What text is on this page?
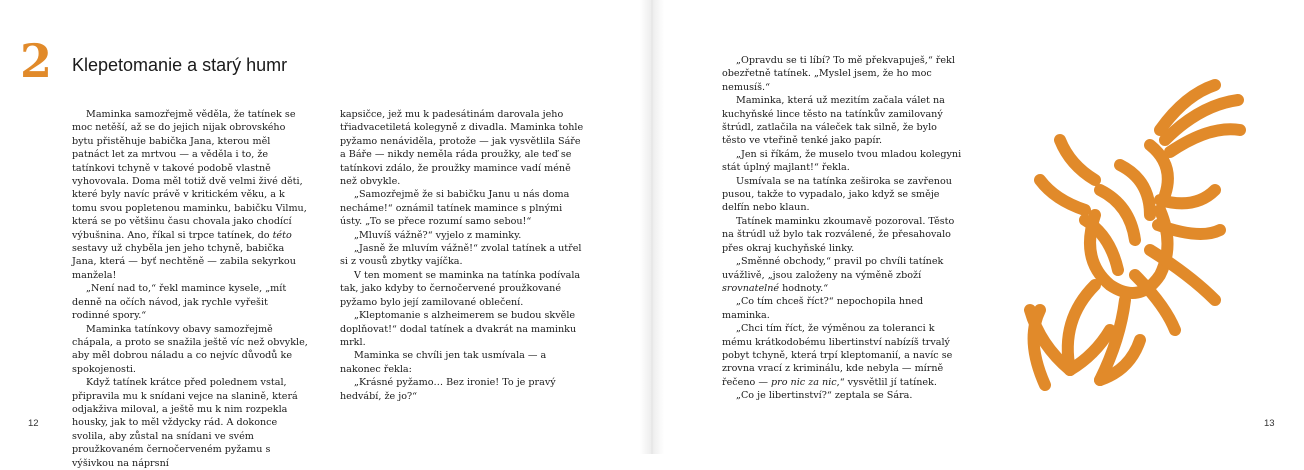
2 Klepetomanie a starý humr

Maminka samozřejmě věděla, že tatínek se moc netěší, až se do jejich nijak obrovského bytu přistěhuje babička Jana, kterou měl patnáct let za mrtvou — a věděla i to, že tatínkovi tchyně v takové podobě vlastně vyhovovala. Doma měl totiž dvě velmi živé děti, které byly navíc právě v kritickém věku, a k tomu svou popletenou maminku, babičku Vilmu, která se po většinu času chovala jako chodící výbušnina. Ano, říkal si trpce tatínek, do této sestavy už chyběla jen jeho tchyně, babička Jana, která — byť nechtěně — zabila sekyrkou manžela!

„Není nad to,“ řekl mamince kysele, „mít denně na očích návod, jak rychle vyřešit rodinné spory.“

Maminka tatínkovy obavy samozřejmě chápala, a proto se snažila ještě víc než obvykle, aby měl dobrou náladu a co nejvíc důvodů ke spokojenosti.

Když tatínek krátce před polednem vstal, připravila mu k snídani vejce na slanině, která odjakživa miloval, a ještě mu k nim rozpekla housky, jak to měl vždycky rád. A dokonce svolila, aby zůstal na snídani ve svém proužkovaném černočerveném pyžamu s výšivkou na náprsní

kapsičce, jež mu k padesátinám darovala jeho třiadvacetiletá kolegyně z divadla. Maminka tohle pyžamo nenáviděla, protože — jak vysvětlila Sáře a Báře — nikdy neměla ráda proužky, ale teď se tatínkovi zdálo, že proužky mamince vadí méně než obvykle.

„Samozřejmě že si babičku Janu u nás doma necháme!“ oznámil tatínek mamince s plnými ústy. „To se přece rozumí samo sebou!“

„Mluvíš vážně?“ vyjelo z maminky.

„Jasně že mluvím vážně!“ zvolal tatínek a utřel si z vousů zbytky vajíčka.

V ten moment se maminka na tatínka podívala tak, jako kdyby to černočervené proužkované pyžamo bylo její zamilované oblečení.

„Kleptomanie s alzheimerem se budou skvěle doplňovat!“ dodal tatínek a dvakrát na maminku mrkl.

Maminka se chvíli jen tak usmívala — a nakonec řekla:

„Krásné pyžamo… Bez ironie! To je pravý hedvábí, že jo?“

„Opravdu se ti líbí? To mě překvapuješ,“ řekl obezřetně tatínek. „Myslel jsem, že ho moc nemusíš.“

Maminka, která už mezitím začala válet na kuchyňské lince těsto na tatínkův zamilovaný štrúdl, zatlačila na váleček tak silně, že bylo těsto ve vteřině tenké jako papír.

„Jen si říkám, že muselo tvou mladou kolegyni stát úplný majlant!“ řekla.

Usmívala se na tatínka zeširoka se zavřenou pusou, takže to vypadalo, jako když se směje delfín nebo klaun.

Tatínek maminku zkoumavě pozoroval. Těsto na štrúdl už bylo tak rozválené, že přesahovalo přes okraj kuchyňské linky.

„Směnné obchody,“ pravil po chvíli tatínek uvážlivě, „jsou založeny na výměně zboží srovnatelné hodnoty.“

„Co tím chceš říct?“ nepochopila hned maminka.

„Chci tím říct, že výměnou za toleranci k mému krátkodobému libertinství nabízíš trvalý pobyt tchyně, která trpí kleptomanií, a navíc se zrovna vrací z kriminálu, kde nebyla — mírně řečeno — pro nic za nic,“ vysvětlil jí tatínek.

„Co je libertinství?“ zeptala se Sára.

12	13
